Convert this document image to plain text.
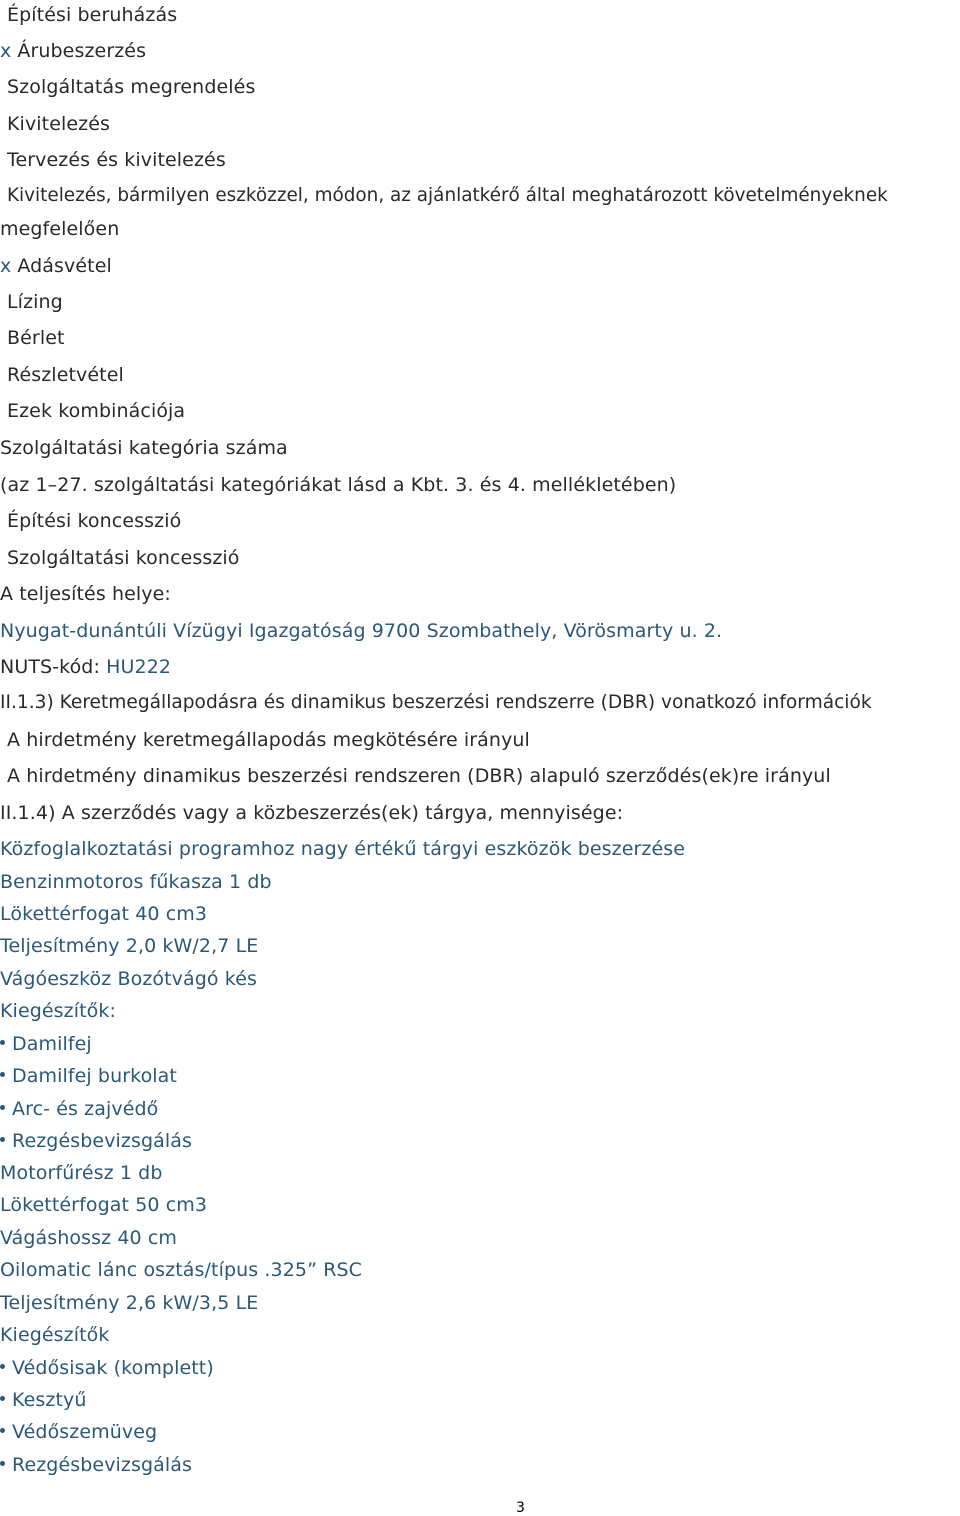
Építési beruházás
x Árubeszerzés
Szolgáltatás megrendelés
Kivitelezés
Tervezés és kivitelezés
Kivitelezés, bármilyen eszközzel, módon, az ajánlatkérő által meghatározott követelményeknek
megfelelően
x Adásvétel
Lízing
Bérlet
Részletvétel
Ezek kombinációja
Szolgáltatási kategória száma
(az 1–27. szolgáltatási kategóriákat lásd a Kbt. 3. és 4. mellékletében)
Építési koncesszió
Szolgáltatási koncesszió
A teljesítés helye:
Nyugat-dunántúli Vízügyi Igazgatóság 9700 Szombathely, Vörösmarty u. 2.
NUTS-kód: HU222
II.1.3) Keretmegállapodásra és dinamikus beszerzési rendszerre (DBR) vonatkozó információk
A hirdetmény keretmegállapodás megkötésére irányul
A hirdetmény dinamikus beszerzési rendszeren (DBR) alapuló szerződés(ek)re irányul
II.1.4) A szerződés vagy a közbeszerzés(ek) tárgya, mennyisége:
Közfoglalkoztatási programhoz nagy értékű tárgyi eszközök beszerzése
Benzinmotoros fűkasza 1 db
Lökettérfogat 40 cm3
Teljesítmény 2,0 kW/2,7 LE
Vágóeszköz Bozótvágó kés
Kiegészítők:
Damilfej
Damilfej burkolat
Arc- és zajvédő
Rezgésbevizsgálás
Motorfűrész 1 db
Lökettérfogat 50 cm3
Vágáshossz 40 cm
Oilomatic lánc osztás/típus .325” RSC
Teljesítmény 2,6 kW/3,5 LE
Kiegészítők
Védősisak (komplett)
Kesztyű
Védőszemüveg
Rezgésbevizsgálás
3
